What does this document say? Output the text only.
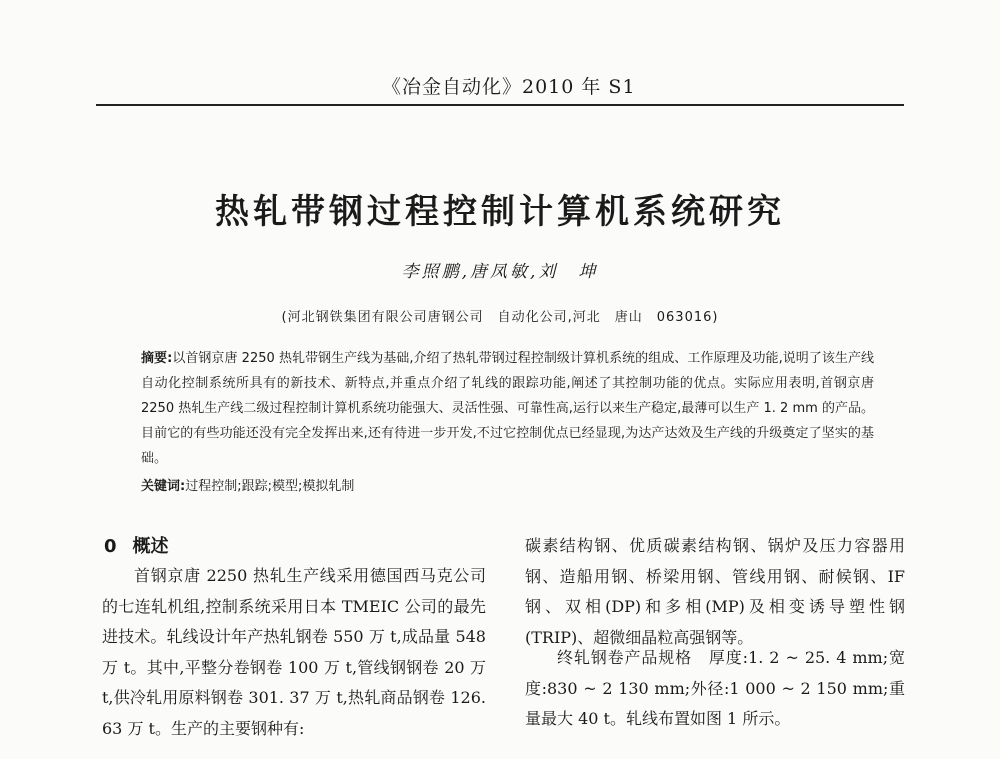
《冶金自动化》2010 年 S1
热轧带钢过程控制计算机系统研究
李照鹏,唐凤敏,刘　坤
(河北钢铁集团有限公司唐钢公司　自动化公司,河北　唐山　063016)
摘要:以首钢京唐 2250 热轧带钢生产线为基础,介绍了热轧带钢过程控制级计算机系统的组成、工作原理及功能,说明了该生产线自动化控制系统所具有的新技术、新特点,并重点介绍了轧线的跟踪功能,阐述了其控制功能的优点。实际应用表明,首钢京唐 2250 热轧生产线二级过程控制计算机系统功能强大、灵活性强、可靠性高,运行以来生产稳定,最薄可以生产 1. 2 mm 的产品。目前它的有些功能还没有完全发挥出来,还有待进一步开发,不过它控制优点已经显现,为达产达效及生产线的升级奠定了坚实的基础。
关键词:过程控制;跟踪;模型;模拟轧制
0 概述
首钢京唐 2250 热轧生产线采用德国西马克公司的七连轧机组,控制系统采用日本 TMEIC 公司的最先进技术。轧线设计年产热轧钢卷 550 万 t,成品量 548 万 t。其中,平整分卷钢卷 100 万 t,管线钢钢卷 20 万 t,供冷轧用原料钢卷 301. 37 万 t,热轧商品钢卷 126. 63 万 t。生产的主要钢种有:
碳素结构钢、优质碳素结构钢、锅炉及压力容器用钢、造船用钢、桥梁用钢、管线用钢、耐候钢、IF 钢、双相(DP)和多相(MP)及相变诱导塑性钢(TRIP)、超微细晶粒高强钢等。
终轧钢卷产品规格　厚度:1. 2 ~ 25. 4 mm;宽度:830 ~ 2 130 mm;外径:1 000 ~ 2 150 mm;重量最大 40 t。轧线布置如图 1 所示。
